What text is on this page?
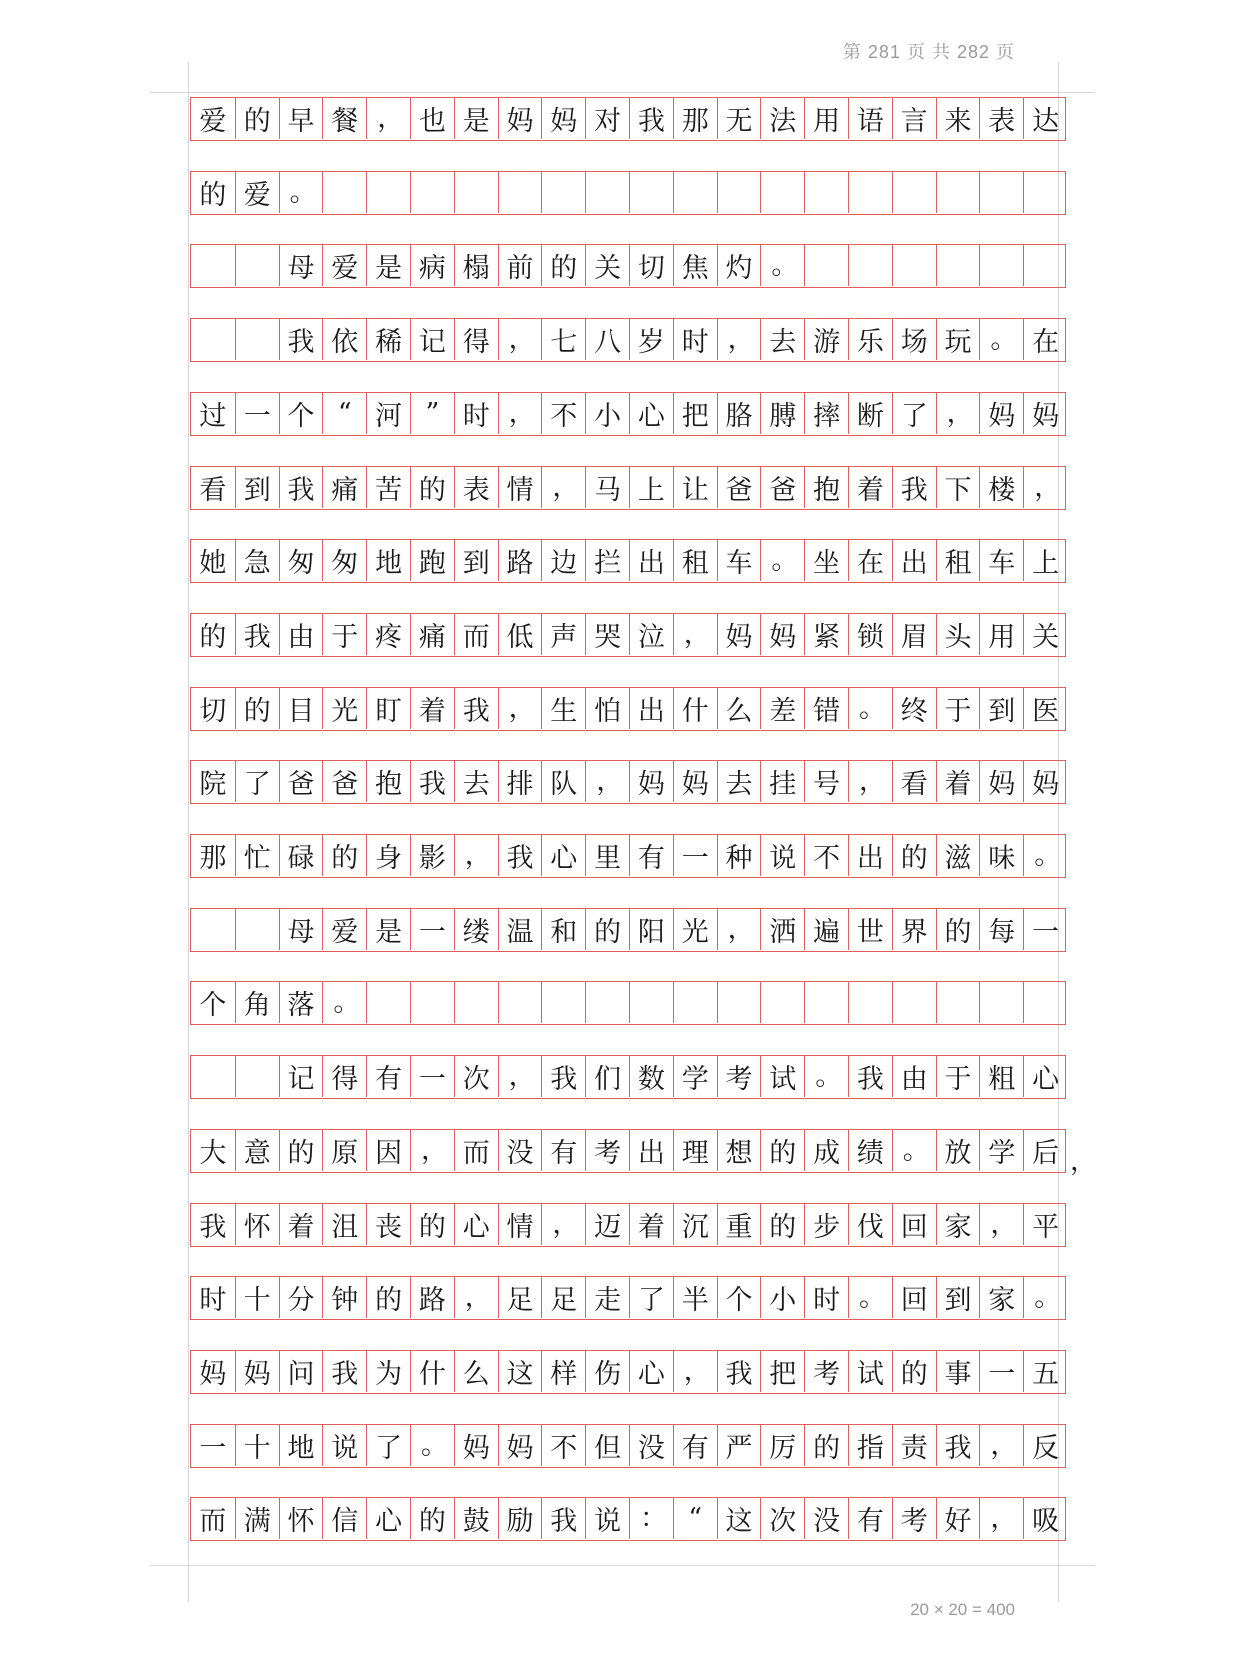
第 281 页 共 282 页
爱 的 早 餐 ， 也 是 妈 妈 对 我 那 无 法 用 语 言 来 表 达
的 爱 。
母 爱 是 病 榻 前 的 关 切 焦 灼 。
我 依 稀 记 得 ， 七 八 岁 时 ， 去 游 乐 场 玩 。 在
过 一 个 “ 河 ” 时 ， 不 小 心 把 胳 膊 摔 断 了 ， 妈 妈
看 到 我 痛 苦 的 表 情 ， 马 上 让 爸 爸 抱 着 我 下 楼 ，
她 急 匆 匆 地 跑 到 路 边 拦 出 租 车 。 坐 在 出 租 车 上
的 我 由 于 疼 痛 而 低 声 哭 泣 ， 妈 妈 紧 锁 眉 头 用 关
切 的 目 光 盯 着 我 ， 生 怕 出 什 么 差 错 。 终 于 到 医
院 了 爸 爸 抱 我 去 排 队 ， 妈 妈 去 挂 号 ， 看 着 妈 妈
那 忙 碌 的 身 影 ， 我 心 里 有 一 种 说 不 出 的 滋 味 。
母 爱 是 一 缕 温 和 的 阳 光 ， 洒 遍 世 界 的 每 一
个 角 落 。
记 得 有 一 次 ， 我 们 数 学 考 试 。 我 由 于 粗 心
大 意 的 原 因 ， 而 没 有 考 出 理 想 的 成 绩 。 放 学 后 ，
我 怀 着 沮 丧 的 心 情 ， 迈 着 沉 重 的 步 伐 回 家 ， 平
时 十 分 钟 的 路 ， 足 足 走 了 半 个 小 时 。 回 到 家 。
妈 妈 问 我 为 什 么 这 样 伤 心 ， 我 把 考 试 的 事 一 五
一 十 地 说 了 。 妈 妈 不 但 没 有 严 厉 的 指 责 我 ， 反
而 满 怀 信 心 的 鼓 励 我 说 ： “ 这 次 没 有 考 好 ， 吸
20 × 20 = 400
